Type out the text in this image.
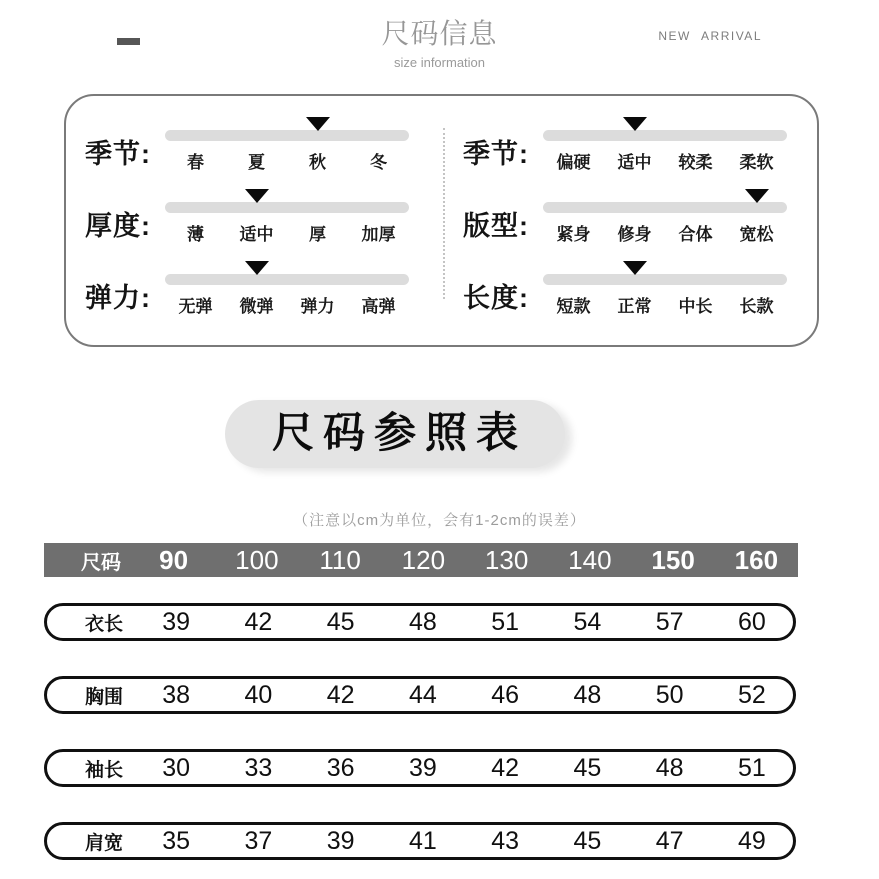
尺码信息
size information
NEW ARRIVAL
季节:	春	夏	秋	冬
厚度:	薄	适中	厚	加厚
弹力:	无弹	微弹	弹力	高弹
季节:	偏硬	适中	较柔	柔软
版型:	紧身	修身	合体	宽松
长度:	短款	正常	中长	长款
尺码参照表
（注意以cm为单位，会有1-2cm的误差）
尺码	90	100	110	120	130	140	150	160
衣长	39	42	45	48	51	54	57	60
胸围	38	40	42	44	46	48	50	52
袖长	30	33	36	39	42	45	48	51
肩宽	35	37	39	41	43	45	47	49
